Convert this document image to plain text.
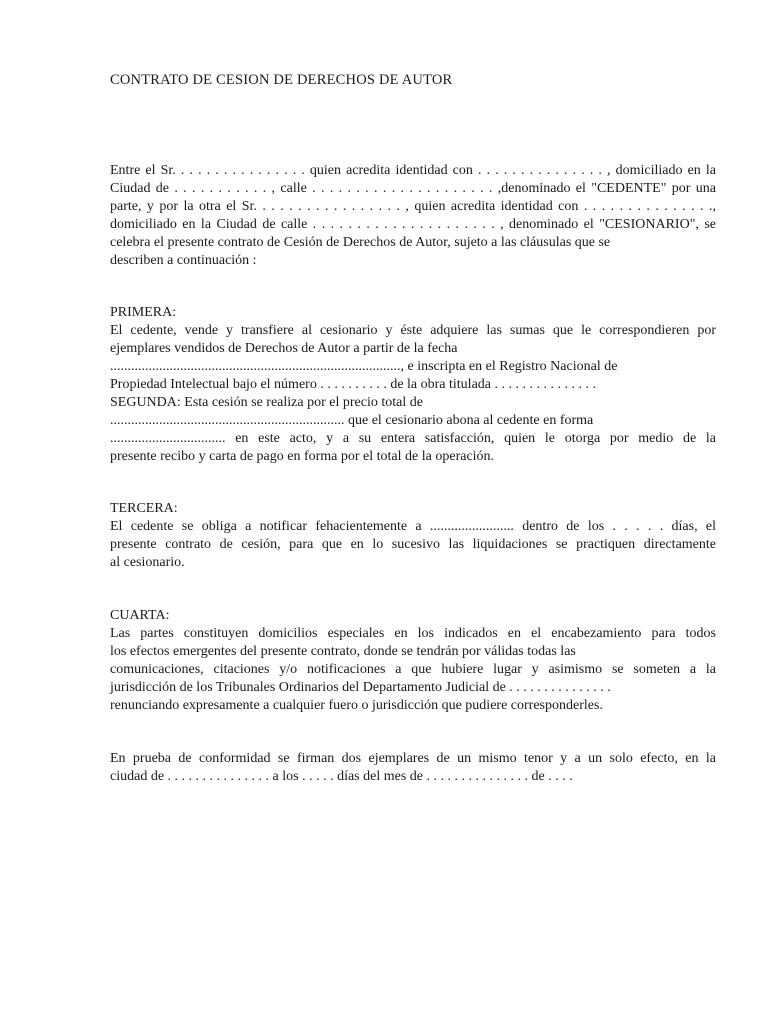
CONTRATO DE CESION DE DERECHOS DE AUTOR
Entre el Sr. . . . . . . . . . . . . . . . quien acredita identidad con . . . . . . . . . . . . . . . , domiciliado en la
Ciudad de . . . . . . . . . . . , calle . . . . . . . . . . . . . . . . . . . . . ,denominado el "CEDENTE" por una
parte, y por la otra el Sr. . . . . . . . . . . . . . . . . , quien acredita identidad con . . . . . . . . . . . . . . .,
domiciliado en la Ciudad de calle . . . . . . . . . . . . . . . . . . . . . , denominado el "CESIONARIO", se
celebra el presente contrato de Cesión de Derechos de Autor, sujeto a las cláusulas que se
describen a continuación :
PRIMERA:
El cedente, vende y transfiere al cesionario y éste adquiere las sumas que le correspondieren por
ejemplares vendidos de Derechos de Autor a partir de la fecha
..................................................................................., e inscripta en el Registro Nacional de
Propiedad Intelectual bajo el número . . . . . . . . . . de la obra titulada . . . . . . . . . . . . . . .
SEGUNDA: Esta cesión se realiza por el precio total de
................................................................... que el cesionario abona al cedente en forma
................................. en este acto, y a su entera satisfacción, quien le otorga por medio de la
presente recibo y carta de pago en forma por el total de la operación.
TERCERA:
El cedente se obliga a notificar fehacientemente a ........................ dentro de los . . . . . días, el
presente contrato de cesión, para que en lo sucesivo las liquidaciones se practiquen directamente
al cesionario.
CUARTA:
Las partes constituyen domicilios especiales en los indicados en el encabezamiento para todos
los efectos emergentes del presente contrato, donde se tendrán por válidas todas las
comunicaciones, citaciones y/o notificaciones a que hubiere lugar y asimismo se someten a la
jurisdicción de los Tribunales Ordinarios del Departamento Judicial de . . . . . . . . . . . . . . .
renunciando expresamente a cualquier fuero o jurisdicción que pudiere corresponderles.
En prueba de conformidad se firman dos ejemplares de un mismo tenor y a un solo efecto, en la
ciudad de . . . . . . . . . . . . . . . a los . . . . . días del mes de . . . . . . . . . . . . . . . de . . . .
